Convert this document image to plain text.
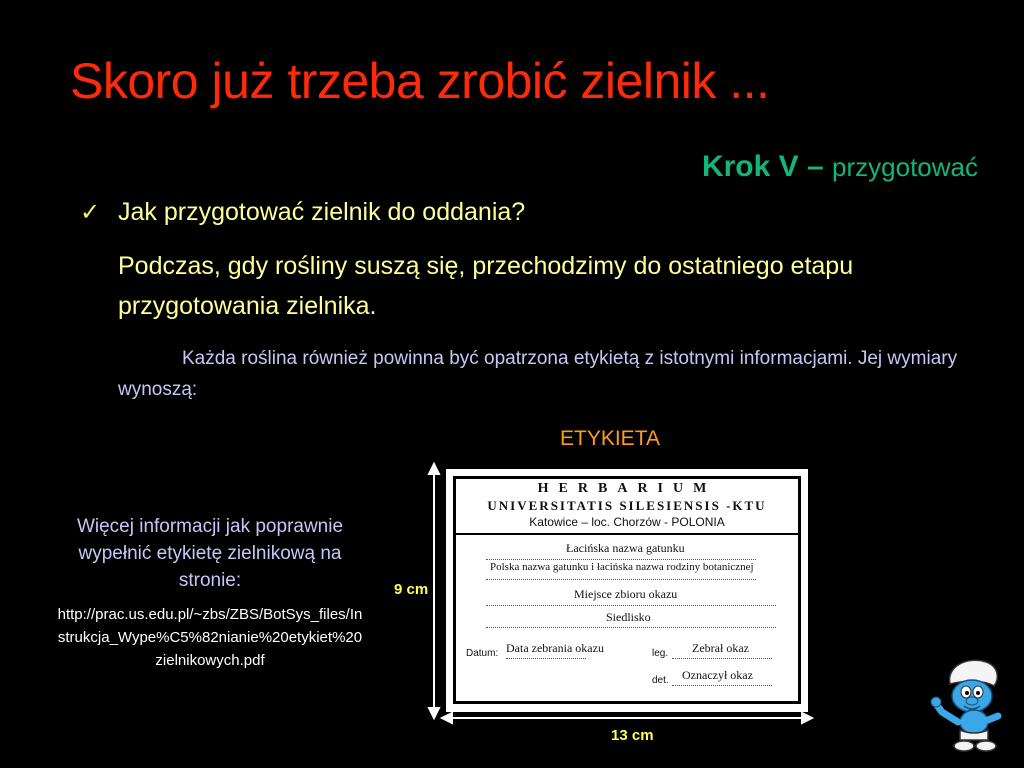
Skoro już trzeba zrobić zielnik ...
Krok V – przygotować
✓ Jak przygotować zielnik do oddania?
Podczas, gdy rośliny suszą się, przechodzimy do ostatniego etapu przygotowania zielnika.
Każda roślina również powinna być opatrzona etykietą z istotnymi informacjami. Jej wymiary wynoszą:
ETYKIETA
Więcej informacji jak poprawnie wypełnić etykietę zielnikową na stronie:
http://prac.us.edu.pl/~zbs/ZBS/BotSys_files/Instrukcja_Wype%C5%82nianie%20etykiet%20zielnikowych.pdf
9 cm
13 cm
HERBARIUM
UNIVERSITATIS SILESIENSIS -KTU
Katowice – loc. Chorzów - POLONIA
Łacińska nazwa gatunku
Polska nazwa gatunku i łacińska nazwa rodziny botanicznej
Miejsce zbioru okazu
Siedlisko
Datum: Data zebrania okazu	leg. Zebrał okaz
det. Oznaczył okaz
